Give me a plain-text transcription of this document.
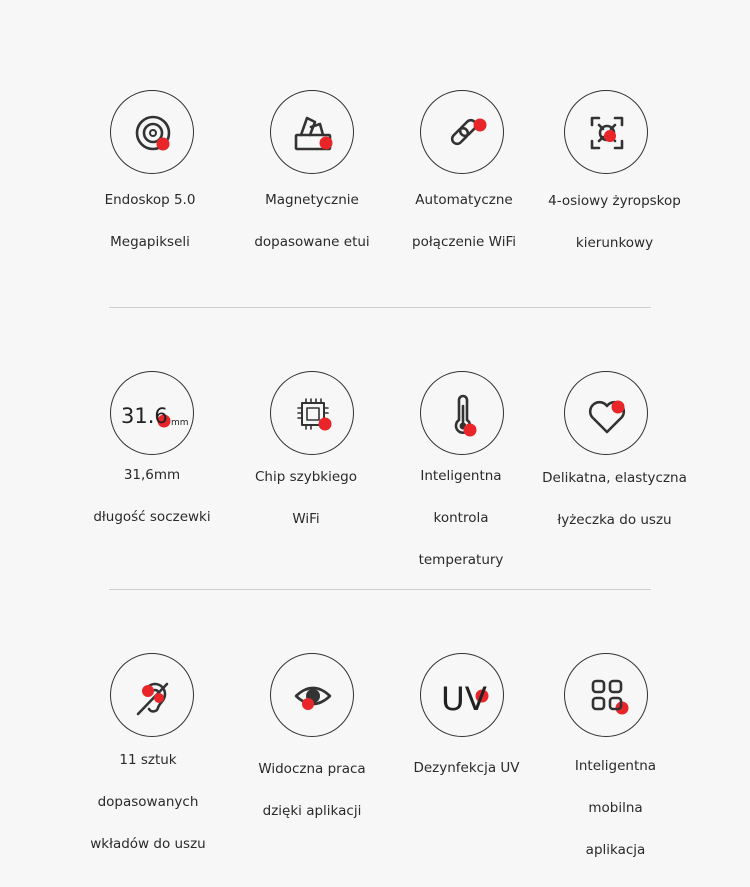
Endoskop 5.0
Megapikseli
Magnetycznie
dopasowane etui
Automatyczne
połączenie WiFi
4-osiowy żyropskop
kierunkowy
31.6 mm
31,6mm
długość soczewki
Chip szybkiego
WiFi
Inteligentna
kontrola
temperatury
Delikatna, elastyczna
łyżeczka do uszu
11 sztuk
dopasowanych
wkładów do uszu
Widoczna praca
dzięki aplikacji
UV
Dezynfekcja UV	Inteligentna
mobilna
aplikacja
